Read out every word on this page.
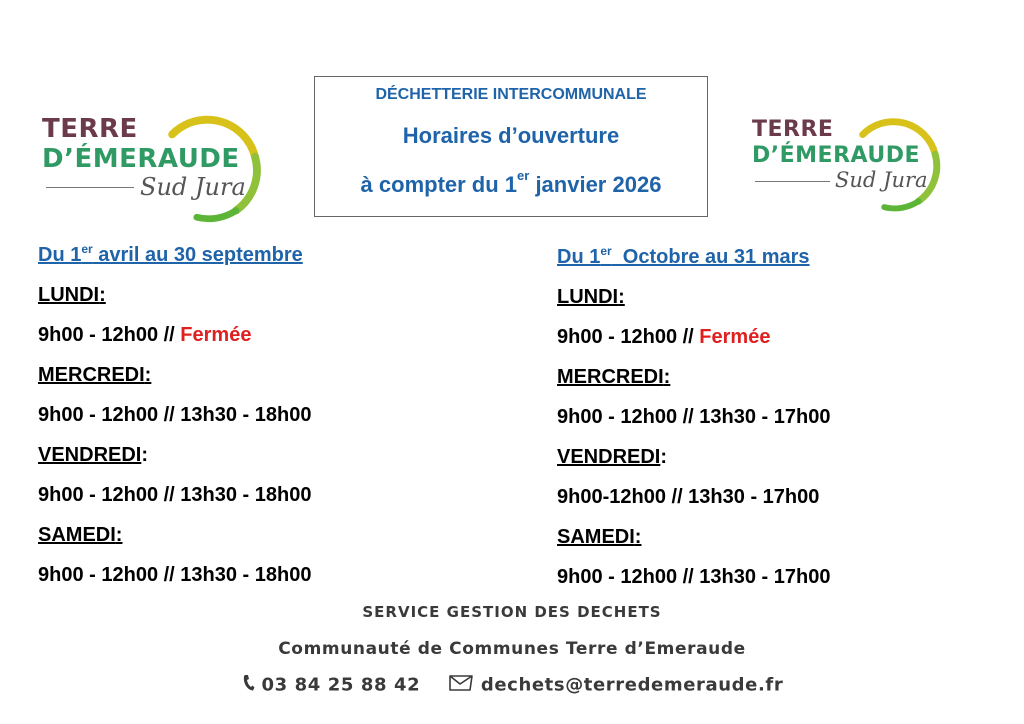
TERRE
D’ÉMERAUDE
Sud Jura
DÉCHETTERIE INTERCOMMUNALE
Horaires d’ouverture
à compter du 1er janvier 2026
TERRE
D’ÉMERAUDE
Sud Jura
Du 1er avril au 30 septembre
LUNDI:
9h00 - 12h00 // Fermée
MERCREDI:
9h00 - 12h00 // 13h30 - 18h00
VENDREDI:
9h00 - 12h00 // 13h30 - 18h00
SAMEDI:
9h00 - 12h00 // 13h30 - 18h00
Du 1er  Octobre au 31 mars
LUNDI:
9h00 - 12h00 // Fermée
MERCREDI:
9h00 - 12h00 // 13h30 - 17h00
VENDREDI:
9h00-12h00 // 13h30 - 17h00
SAMEDI:
9h00 - 12h00 // 13h30 - 17h00
SERVICE GESTION DES DECHETS
Communauté de Communes Terre d’Emeraude
03 84 25 88 42	dechets@terredemeraude.fr
